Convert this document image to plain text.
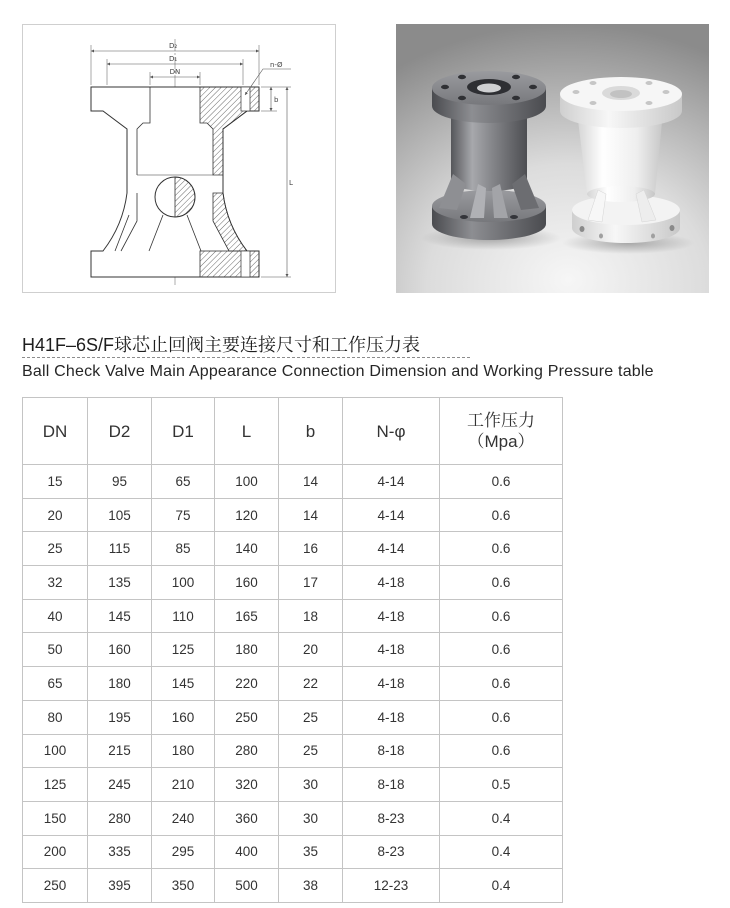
D₂
D₁
DN
n-Ø
b
L
H41F–6S/F球芯止回阀主要连接尺寸和工作压力表
Ball Check Valve Main Appearance Connection Dimension and Working Pressure table
DN	D2	D1	L	b	N-φ	工作压力
（Mpa）

15	95	65	100	14	4-14	0.6
20	105	75	120	14	4-14	0.6
25	115	85	140	16	4-14	0.6
32	135	100	160	17	4-18	0.6
40	145	110	165	18	4-18	0.6
50	160	125	180	20	4-18	0.6
65	180	145	220	22	4-18	0.6
80	195	160	250	25	4-18	0.6
100	215	180	280	25	8-18	0.6
125	245	210	320	30	8-18	0.5
150	280	240	360	30	8-23	0.4
200	335	295	400	35	8-23	0.4
250	395	350	500	38	12-23	0.4
